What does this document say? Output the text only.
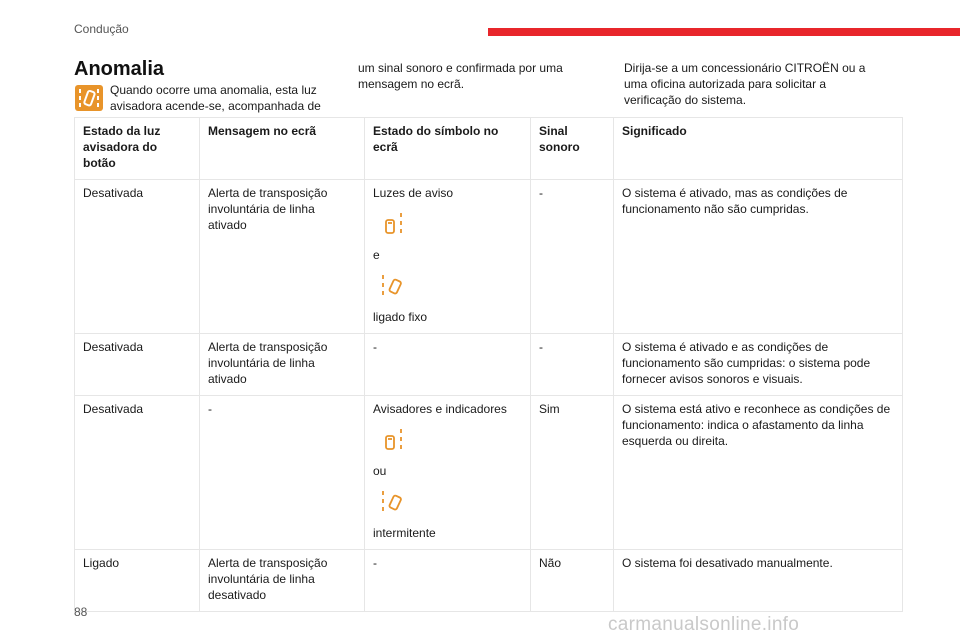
Condução
Anomalia
Quando ocorre uma anomalia, esta luz avisadora acende-se, acompanhada de
um sinal sonoro e confirmada por uma mensagem no ecrã.
Dirija-se a um concessionário CITROËN ou a uma oficina autorizada para solicitar a verificação do sistema.
Estado da luz avisadora do botão	Mensagem no ecrã	Estado do símbolo no ecrã	Sinal sonoro	Significado
Desativada	Alerta de transposição involuntária de linha ativado	Luzes de aviso
e
ligado fixo	-	O sistema é ativado, mas as condições de funcionamento não são cumpridas.
Desativada	Alerta de transposição involuntária de linha ativado	-	-	O sistema é ativado e as condições de funcionamento são cumpridas: o sistema pode fornecer avisos sonoros e visuais.
Desativada	-	Avisadores e indicadores
ou
intermitente	Sim	O sistema está ativo e reconhece as condições de funcionamento: indica o afastamento da linha esquerda ou direita.
Ligado	Alerta de transposição involuntária de linha desativado	-	Não	O sistema foi desativado manualmente.
88
carmanualsonline.info
